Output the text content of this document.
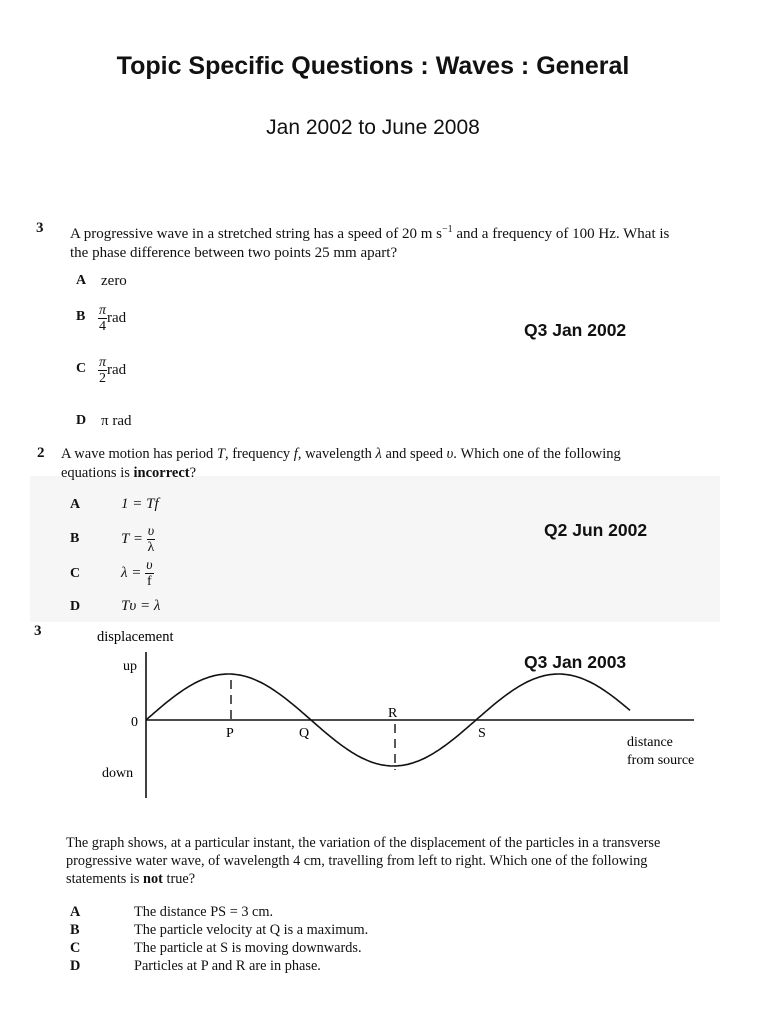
Topic Specific Questions : Waves : General
Jan 2002 to June 2008
3 A progressive wave in a stretched string has a speed of 20 m $s^{-1}$ and a frequency of 100 Hz. What is
the phase difference between two points 25 mm apart?
A zero
B $\frac{\pi}{4}$ rad
C $\frac{\pi}{2}$ rad
D π rad
Q3 Jan 2002
2 A wave motion has period T, frequency f, wavelength λ and speed υ. Which one of the following
equations is incorrect?
A	1 = Tf
B	$T = \frac{\upsilon}{\lambda}$
C	$\lambda = \frac{\upsilon}{f}$
D	Tυ = λ
Q2 Jun 2002
3
Q3 Jan 2003
displacement
up
0
down
P	Q
R
S
distance
from source
The graph shows, at a particular instant, the variation of the displacement of the particles in a transverse
progressive water wave, of wavelength 4 cm, travelling from left to right. Which one of the following
statements is not true?
A	The distance PS = 3 cm.
B	The particle velocity at Q is a maximum.
C	The particle at S is moving downwards.
D	Particles at P and R are in phase.
